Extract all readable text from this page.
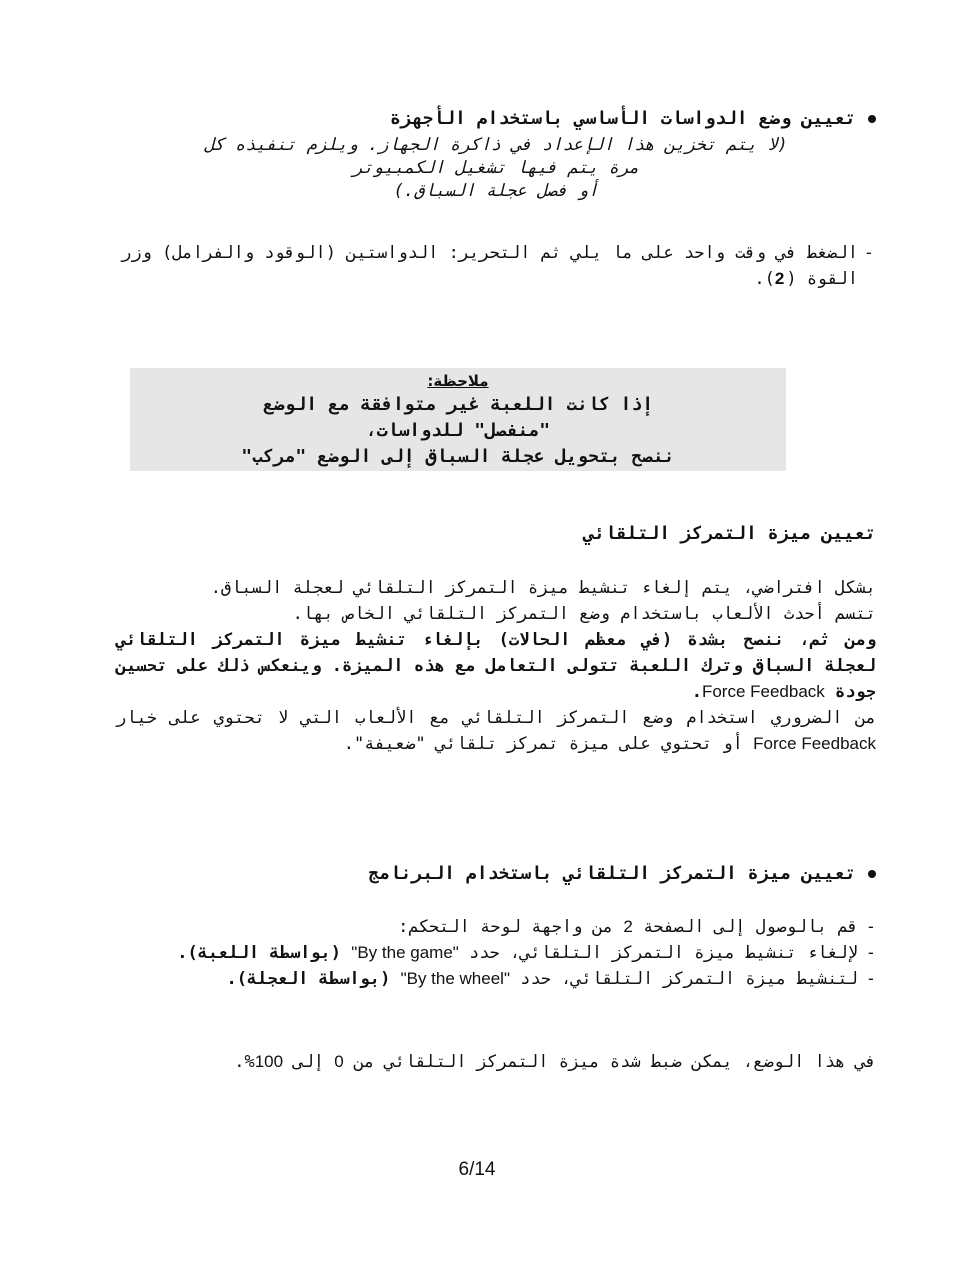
تعيين وضع الدواسات الأساسي باستخدام الأجهزة
(لا يتم تخزين هذا الإعداد في ذاكرة الجهاز. ويلزم تنفيذه كل
مرة يتم فيها تشغيل الكمبيوتر
أو فصل عجلة السباق.)
- الضغط في وقت واحد على ما يلي ثم التحرير: الدواستين (الوقود والفرامل) وزر القوة (2).
ملاحظة:
إذا كانت اللعبة غير متوافقة مع الوضع
"منفصل" للدواسات،
ننصح بتحويل عجلة السباق إلى الوضع "مركب"
تعيين ميزة التمركز التلقائي

بشكل افتراضي، يتم إلغاء تنشيط ميزة التمركز التلقائي لعجلة السباق.

تتسم أحدث الألعاب باستخدام وضع التمركز التلقائي الخاص بها.

ومن ثم، ننصح بشدة (في معظم الحالات) بإلغاء تنشيط ميزة التمركز التلقائي لعجلة السباق وترك اللعبة تتولى التعامل مع هذه الميزة. وينعكس ذلك على تحسين جودة Force Feedback.

من الضروري استخدام وضع التمركز التلقائي مع الألعاب التي لا تحتوي على خيار Force Feedback أو تحتوي على ميزة تمركز تلقائي "ضعيفة".

تعيين ميزة التمركز التلقائي باستخدام البرنامج
- قم بالوصول إلى الصفحة 2 من واجهة لوحة التحكم:
- لإلغاء تنشيط ميزة التمركز التلقائي، حدد "By the game" (بواسطة اللعبة).
- لتنشيط ميزة التمركز التلقائي، حدد "By the wheel" (بواسطة العجلة).
في هذا الوضع، يمكن ضبط شدة ميزة التمركز التلقائي من 0 إلى 100%.
6/14
